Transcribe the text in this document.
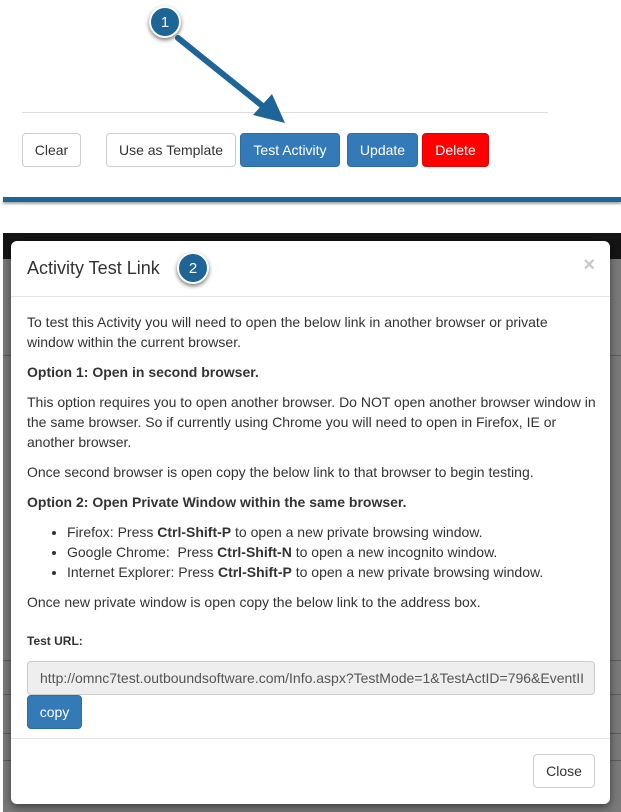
Clear	Use as Template	Test Activity	Update	Delete
1
Activity Test Link	2	×

To test this Activity you will need to open the below link in another browser or private window within the current browser.

Option 1: Open in second browser.

This option requires you to open another browser. Do NOT open another browser window in the same browser. So if currently using Chrome you will need to open in Firefox, IE or another browser.

Once second browser is open copy the below link to that browser to begin testing.

Option 2: Open Private Window within the same browser.
• Firefox: Press Ctrl-Shift-P to open a new private browsing window.
• Google Chrome:  Press Ctrl-Shift-N to open a new incognito window.
• Internet Explorer: Press Ctrl-Shift-P to open a new private browsing window.

Once new private window is open copy the below link to the address box.

Test URL:
http://omnc7test.outboundsoftware.com/Info.aspx?TestMode=1&TestActID=796&EventII
copy
Close
